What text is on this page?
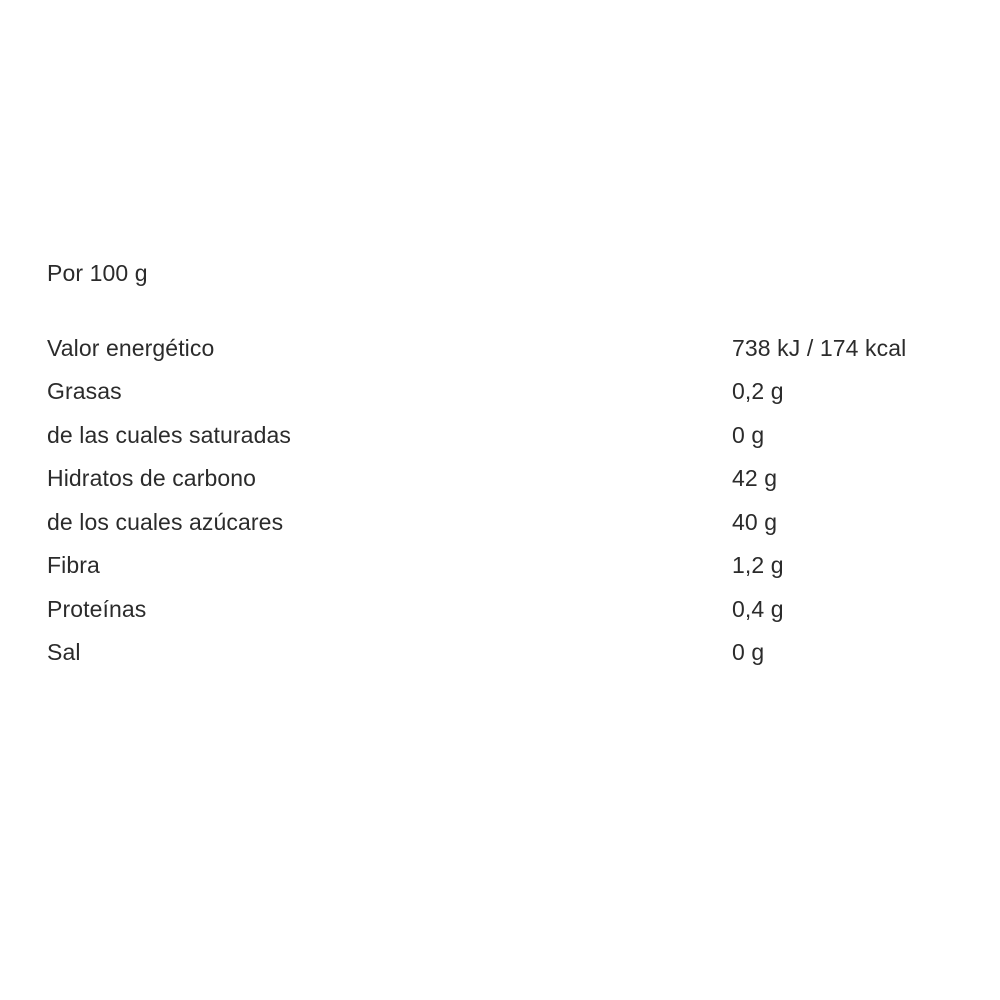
Por 100 g
Valor energético	738 kJ / 174 kcal
Grasas	0,2 g
de las cuales saturadas	0 g
Hidratos de carbono	42 g
de los cuales azúcares	40 g
Fibra	1,2 g
Proteínas	0,4 g
Sal	0 g
